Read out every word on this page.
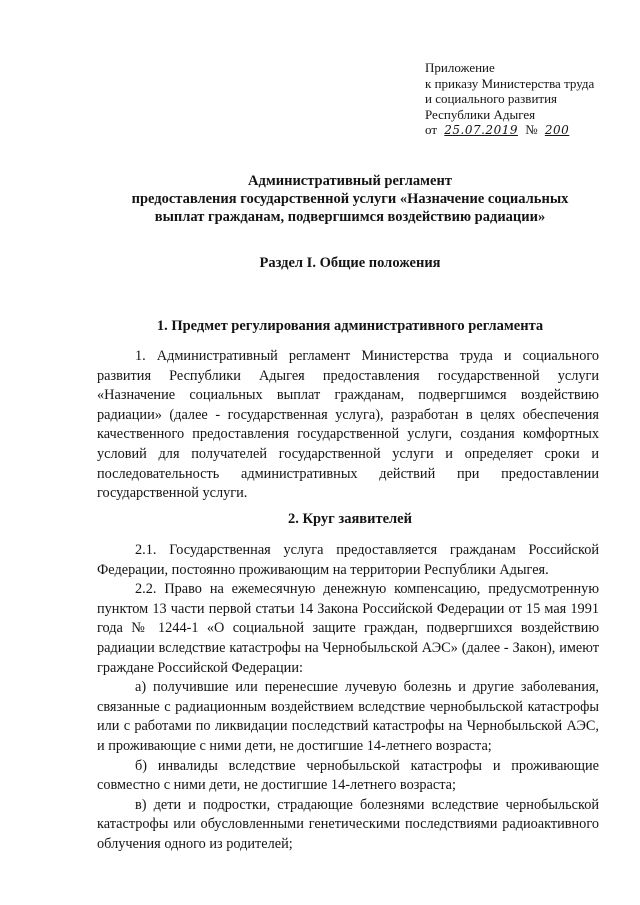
Приложение
к приказу Министерства труда
и социального развития
Республики Адыгея
от 25.07.2019 № 200
Административный регламент
предоставления государственной услуги «Назначение социальных
выплат гражданам, подвергшимся воздействию радиации»
Раздел I. Общие положения
1. Предмет регулирования административного регламента

1. Административный регламент Министерства труда и социального развития Республики Адыгея предоставления государственной услуги «Назначение социальных выплат гражданам, подвергшимся воздействию радиации» (далее - государственная услуга), разработан в целях обеспечения качественного предоставления государственной услуги, создания комфортных условий для получателей государственной услуги и определяет сроки и последовательность административных действий при предоставлении государственной услуги.

2. Круг заявителей

2.1. Государственная услуга предоставляется гражданам Российской Федерации, постоянно проживающим на территории Республики Адыгея.

2.2. Право на ежемесячную денежную компенсацию, предусмотренную пунктом 13 части первой статьи 14 Закона Российской Федерации от 15 мая 1991 года № 1244-1 «О социальной защите граждан, подвергшихся воздействию радиации вследствие катастрофы на Чернобыльской АЭС» (далее - Закон), имеют граждане Российской Федерации:

а) получившие или перенесшие лучевую болезнь и другие заболевания, связанные с радиационным воздействием вследствие чернобыльской катастрофы или с работами по ликвидации последствий катастрофы на Чернобыльской АЭС, и проживающие с ними дети, не достигшие 14-летнего возраста;

б) инвалиды вследствие чернобыльской катастрофы и проживающие совместно с ними дети, не достигшие 14-летнего возраста;

в) дети и подростки, страдающие болезнями вследствие чернобыльской катастрофы или обусловленными генетическими последствиями радиоактивного облучения одного из родителей;
